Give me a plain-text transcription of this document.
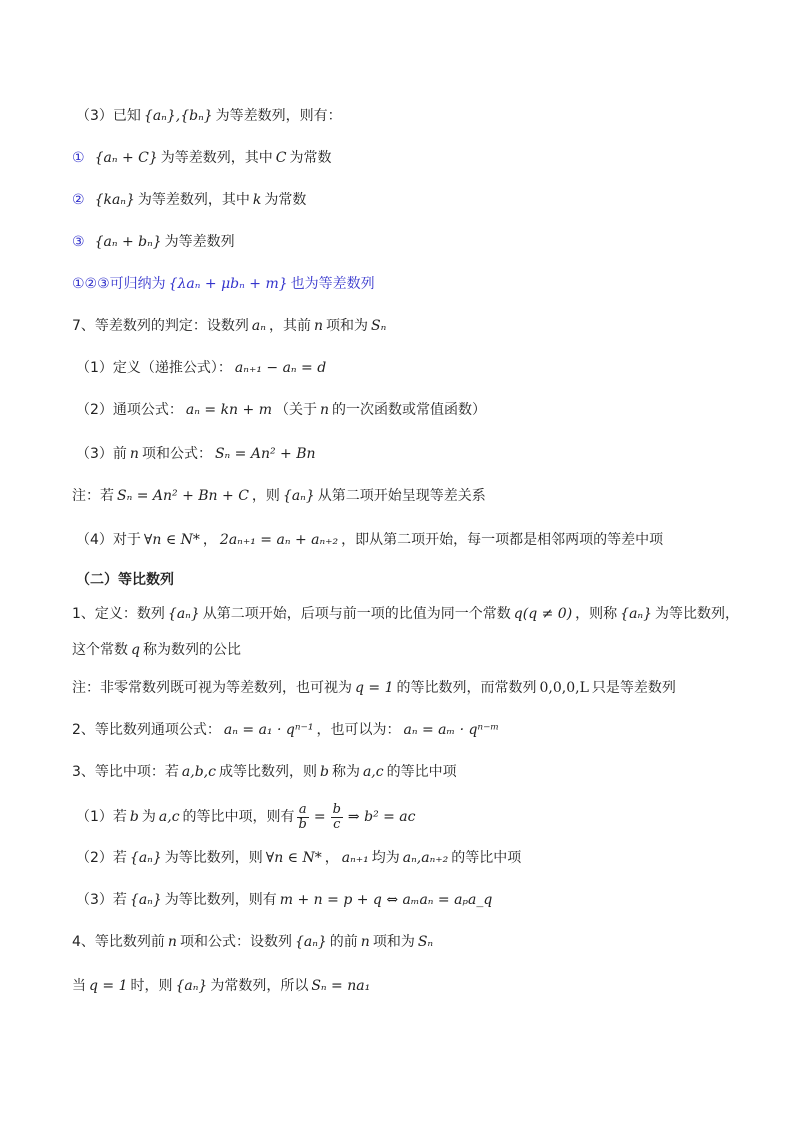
（3）已知 {aₙ},{bₙ} 为等差数列，则有：
① {aₙ + C} 为等差数列，其中 C 为常数
② {kaₙ} 为等差数列，其中 k 为常数
③ {aₙ + bₙ} 为等差数列
①②③可归纳为 {λaₙ + μbₙ + m} 也为等差数列
7、等差数列的判定：设数列 aₙ ，其前 n 项和为 Sₙ
（1）定义（递推公式）： aₙ₊₁ − aₙ = d
（2）通项公式： aₙ = kn + m （关于 n 的一次函数或常值函数）
（3）前 n 项和公式： Sₙ = An² + Bn
注：若 Sₙ = An² + Bn + C ，则 {aₙ} 从第二项开始呈现等差关系
（4）对于 ∀n ∈ N* ， 2aₙ₊₁ = aₙ + aₙ₊₂ ，即从第二项开始，每一项都是相邻两项的等差中项
（二）等比数列
1、定义：数列 {aₙ} 从第二项开始，后项与前一项的比值为同一个常数 q(q ≠ 0) ，则称 {aₙ} 为等比数列，
这个常数 q 称为数列的公比
注：非零常数列既可视为等差数列，也可视为 q = 1 的等比数列，而常数列 0,0,0,L 只是等差数列
2、等比数列通项公式： aₙ = a₁ · qⁿ⁻¹ ，也可以为： aₙ = aₘ · qⁿ⁻ᵐ
3、等比中项：若 a,b,c 成等比数列，则 b 称为 a,c 的等比中项
（1）若 b 为 a,c 的等比中项，则有 $\frac{a}{b} = \frac{b}{c}$ ⇒ b² = ac
（2）若 {aₙ} 为等比数列，则 ∀n ∈ N* ， aₙ₊₁ 均为 aₙ,aₙ₊₂ 的等比中项
（3）若 {aₙ} 为等比数列，则有 m + n = p + q ⇔ aₘaₙ = aₚa_q
4、等比数列前 n 项和公式：设数列 {aₙ} 的前 n 项和为 Sₙ
当 q = 1 时，则 {aₙ} 为常数列，所以 Sₙ = na₁
